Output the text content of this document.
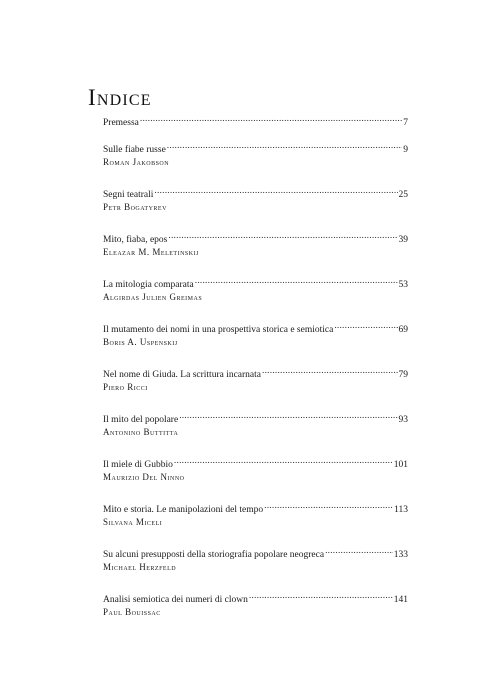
Indice
Premessa .....	7
Sulle fiabe russe .....	9
Roman Jakobson
Segni teatrali .....	25
Petr Bogatyrev
Mito, fiaba, epos .....	39
Eleazar M. Meletinskij
La mitologia comparata .....	53
Algirdas Julien Greimas
Il mutamento dei nomi in una prospettiva storica e semiotica .....	69
Boris A. Uspenskij
Nel nome di Giuda. La scrittura incarnata .....	79
Piero Ricci
Il mito del popolare .....	93
Antonino Buttitta
Il miele di Gubbio .....	101
Maurizio Del Ninno
Mito e storia. Le manipolazioni del tempo .....	113
Silvana Miceli
Su alcuni presupposti della storiografia popolare neogreca .....	133
Michael Herzfeld
Analisi semiotica dei numeri di clown .....	141
Paul Bouissac
